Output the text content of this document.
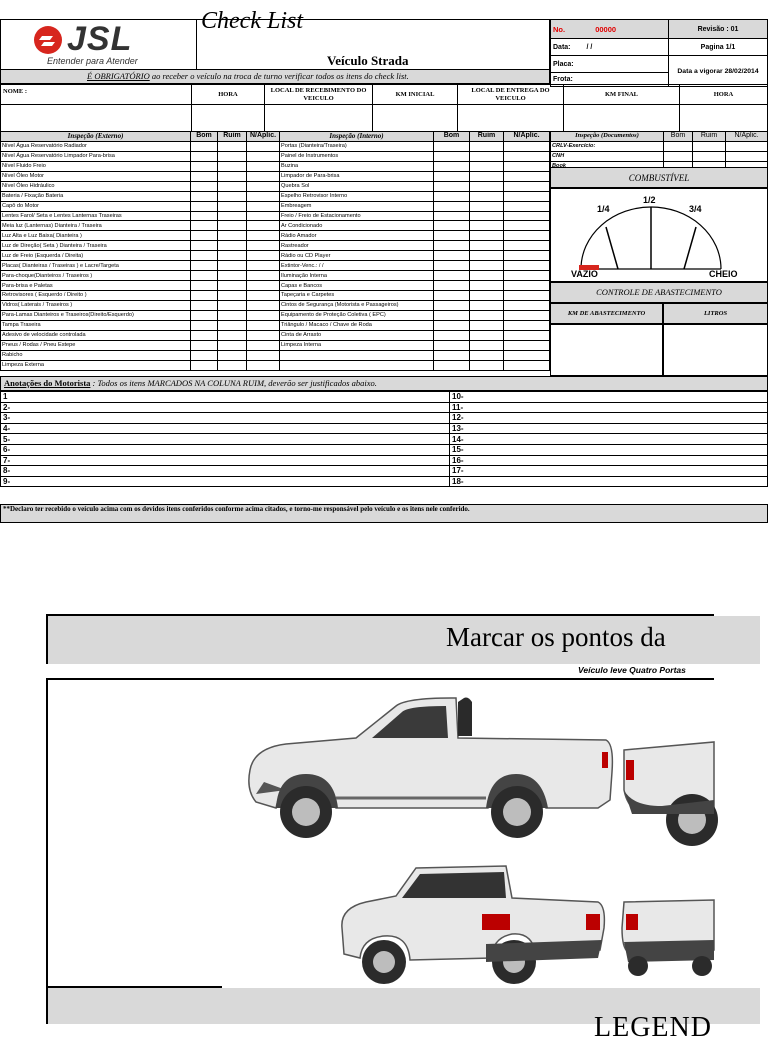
JSL
Entender para Atender
Check List
Veículo Strada
No. 00000	Revisão : 01
Data: / /	Pagina 1/1
Placa:	Data a vigorar 28/02/2014
Frota:	
É OBRIGATÓRIO ao receber o veículo na troca de turno verificar todos os itens do check list.
NOME :	HORA	LOCAL DE RECEBIMENTO DO VEICULO	KM INICIAL	LOCAL DE ENTREGA DO VEICULO	KM FINAL	HORA

Inspeção (Externo)	Bom	Ruim	N/Aplic.	Inspeção (Interno)	Bom	Ruim	N/Aplic.
Nível Água Reservatório Radiador				Portas (Dianteira/Traseira)			
Nível Água Reservatório Limpador Para-brisa				Painel de Instrumentos			
Nível Fluido Freio				Buzina			
Nível Óleo Motor				Limpador de Para-brisa			
Nível Óleo Hidráulico				Quebra Sol			
Bateria / Fixação Bateria				Espelho Retrovisor Interno			
Capô do Motor				Embreagem			
Lentes Farol/ Seta e Lentes Lanternas Traseiras				Freio / Freio de Estacionamento			
Meia luz (Lanternas) Dianteira / Traseira				Ar Condicionado			
Luz Alta e Luz Baixa( Dianteira )				Rádio Amador			
Luz de Direção( Seta ) Dianteira / Traseira				Rastreador			
Luz de Freio (Esquerda / Direita)				Rádio ou CD Player			
Placas( Dianteiras / Traseiras ) e Lacre/Targeta				Extintor-Venc.: / /			
Para-choque(Dianteiros / Traseiros )				Iluminação Interna			
Para-brisa e Paletas				Capas e Bancos			
Retrovisores ( Esquerdo / Direito )				Tapeçaria e Carpetes			
Vidros( Laterais / Traseiros )				Cintos de Segurança (Motorista e Passageiros)			
Para-Lamas Dianteiros e Traseiros(Direito/Esquerdo)				Equipamento de Proteção Coletiva ( EPC)			
Tampa Traseira				Triângulo / Macaco / Chave de Roda			
Adesivo de velocidade controlada				Cinta de Arrasto			
Pneus / Rodas / Pneu Estepe				Limpeza Interna			
Rabicho							
Limpeza Externa							
Inspeção (Documentos)	Bom	Ruim	N/Aplic.
CRLV-Exercício:			
CNH			

COMBUSTÍVEL
1/4
1/2
3/4
VAZIO	CHEIO
CONTROLE DE ABASTECIMENTO
KM DE ABASTECIMENTO	LITROS
Anotações do Motorista : Todos os itens MARCADOS NA COLUNA RUIM, deverão ser justificados abaixo.
1	10-
2-	11-
3-	12-
4-	13-
5-	14-
6-	15-
7-	16-
8-	17-
9-	18-
**Declaro ter recebido o veículo acima com os devidos itens conferidos conforme acima citados, e torno-me responsável pelo veículo e os itens nele conferido.
Marcar os pontos da
Veículo leve Quatro Portas
LEGEND
